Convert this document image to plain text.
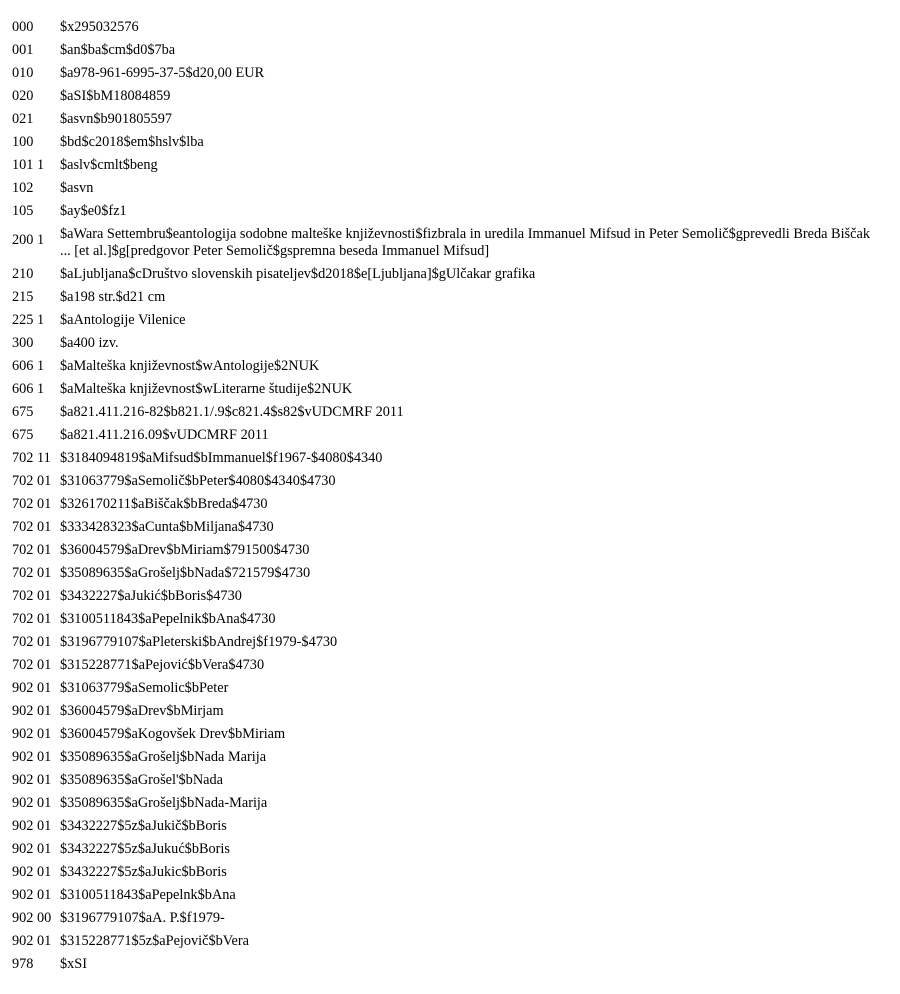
000	$x295032576
001	$an$ba$cm$d0$7ba
010	$a978-961-6995-37-5$d20,00 EUR
020	$aSI$bM18084859
021	$asvn$b901805597
100	$bd$c2018$em$hslv$lba
101 1	$aslv$cmlt$beng
102	$asvn
105	$ay$e0$fz1
200 1	$aWara Settembru$eantologija sodobne malteške književnosti$fizbrala in uredila Immanuel Mifsud in Peter Semolič$gprevedli Breda Biščak ... [et al.]$g[predgovor Peter Semolič$gspremna beseda Immanuel Mifsud]
210	$aLjubljana$cDruštvo slovenskih pisateljev$d2018$e[Ljubljana]$gUlčakar grafika
215	$a198 str.$d21 cm
225 1	$aAntologije Vilenice
300	$a400 izv.
606 1	$aMalteška književnost$wAntologije$2NUK
606 1	$aMalteška književnost$wLiterarne študije$2NUK
675	$a821.411.216-82$b821.1/.9$c821.4$s82$vUDCMRF 2011
675	$a821.411.216.09$vUDCMRF 2011
702 11 $3184094819$aMifsud$bImmanuel$f1967-$4080$4340
702 01 $31063779$aSemolič$bPeter$4080$4340$4730
702 01 $326170211$aBiščak$bBreda$4730
702 01 $333428323$aCunta$bMiljana$4730
702 01 $36004579$aDrev$bMiriam$791500$4730
702 01 $35089635$aGrošelj$bNada$721579$4730
702 01 $3432227$aJukić$bBoris$4730
702 01 $3100511843$aPepelnik$bAna$4730
702 01 $3196779107$aPleterski$bAndrej$f1979-$4730
702 01 $315228771$aPejović$bVera$4730
902 01 $31063779$aSemolic$bPeter
902 01 $36004579$aDrev$bMirjam
902 01 $36004579$aKogovšek Drev$bMiriam
902 01 $35089635$aGrošelj$bNada Marija
902 01 $35089635$aGrošel'$bNada
902 01 $35089635$aGrošelj$bNada-Marija
902 01 $3432227$5z$aJukič$bBoris
902 01 $3432227$5z$aJukuć$bBoris
902 01 $3432227$5z$aJukic$bBoris
902 01 $3100511843$aPepelnk$bAna
902 00 $3196779107$aA. P.$f1979-
902 01 $315228771$5z$aPejovič$bVera
978	$xSI
